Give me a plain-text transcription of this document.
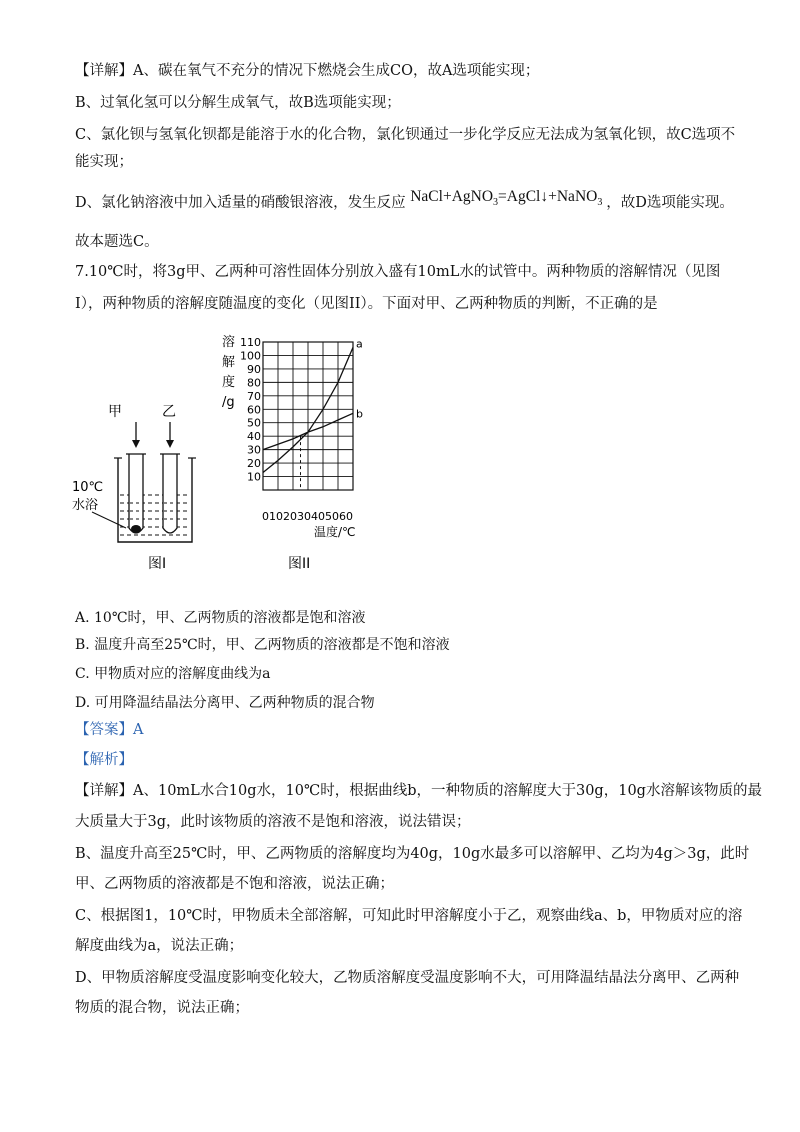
【详解】A、碳在氧气不充分的情况下燃烧会生成CO，故A选项能实现；
B、过氧化氢可以分解生成氧气，故B选项能实现；
C、氯化钡与氢氧化钡都是能溶于水的化合物，氯化钡通过一步化学反应无法成为氢氧化钡，故C选项不
能实现；
D、氯化钠溶液中加入适量的硝酸银溶液，发生反应 NaCl+AgNO$_3$=AgCl↓+NaNO$_3$ ，故D选项能实现。
故本题选C。
7.10℃时，将3g甲、乙两种可溶性固体分别放入盛有10mL水的试管中。两种物质的溶解情况（见图
I），两种物质的溶解度随温度的变化（见图II）。下面对甲、乙两种物质的判断，不正确的是
甲	乙
10℃
水浴
图I
溶
解
度
/g
10
20
30
40
50
60
70
80
90
100
110	a
b
0102030405060
温度/℃
图II
A. 10℃时，甲、乙两物质的溶液都是饱和溶液
B. 温度升高至25℃时，甲、乙两物质的溶液都是不饱和溶液
C. 甲物质对应的溶解度曲线为a
D. 可用降温结晶法分离甲、乙两种物质的混合物
【答案】A
【解析】
【详解】A、10mL水合10g水，10℃时，根据曲线b，一种物质的溶解度大于30g，10g水溶解该物质的最
大质量大于3g，此时该物质的溶液不是饱和溶液，说法错误；
B、温度升高至25℃时，甲、乙两物质的溶解度均为40g，10g水最多可以溶解甲、乙均为4g＞3g，此时
甲、乙两物质的溶液都是不饱和溶液，说法正确；
C、根据图1，10℃时，甲物质未全部溶解，可知此时甲溶解度小于乙，观察曲线a、b，甲物质对应的溶
解度曲线为a，说法正确；
D、甲物质溶解度受温度影响变化较大，乙物质溶解度受温度影响不大，可用降温结晶法分离甲、乙两种
物质的混合物，说法正确；
